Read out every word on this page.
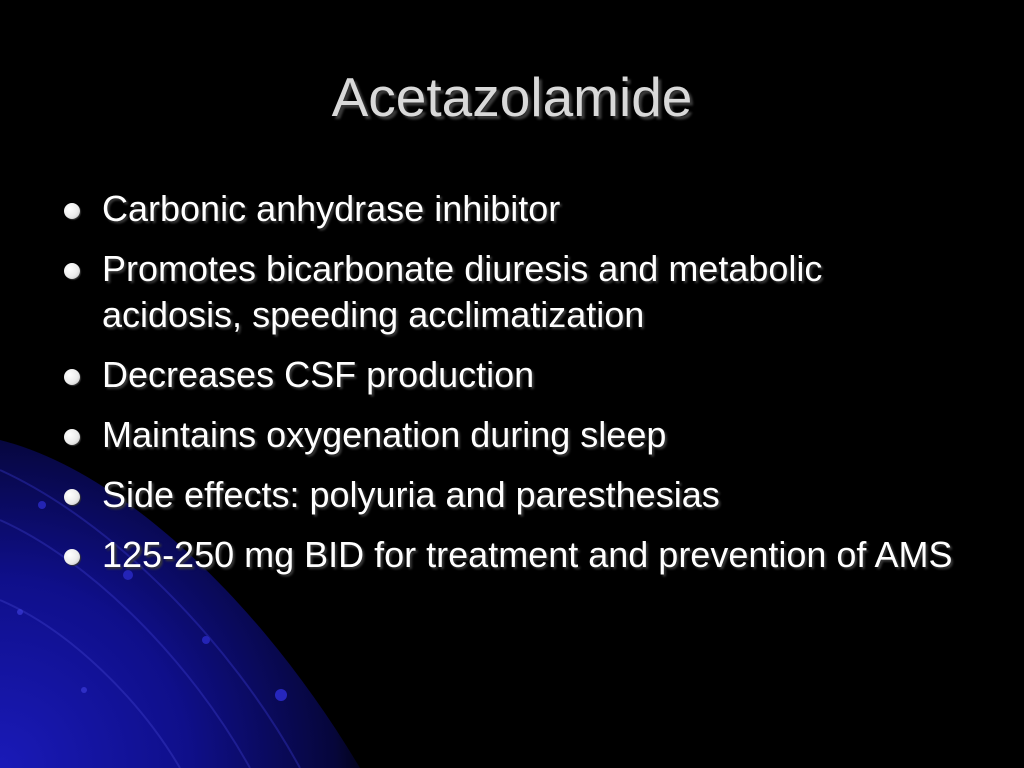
Acetazolamide
Carbonic anhydrase inhibitor
Promotes bicarbonate diuresis and metabolic acidosis, speeding acclimatization
Decreases CSF production
Maintains oxygenation during sleep
Side effects: polyuria and paresthesias
125-250 mg BID for treatment and prevention of AMS
